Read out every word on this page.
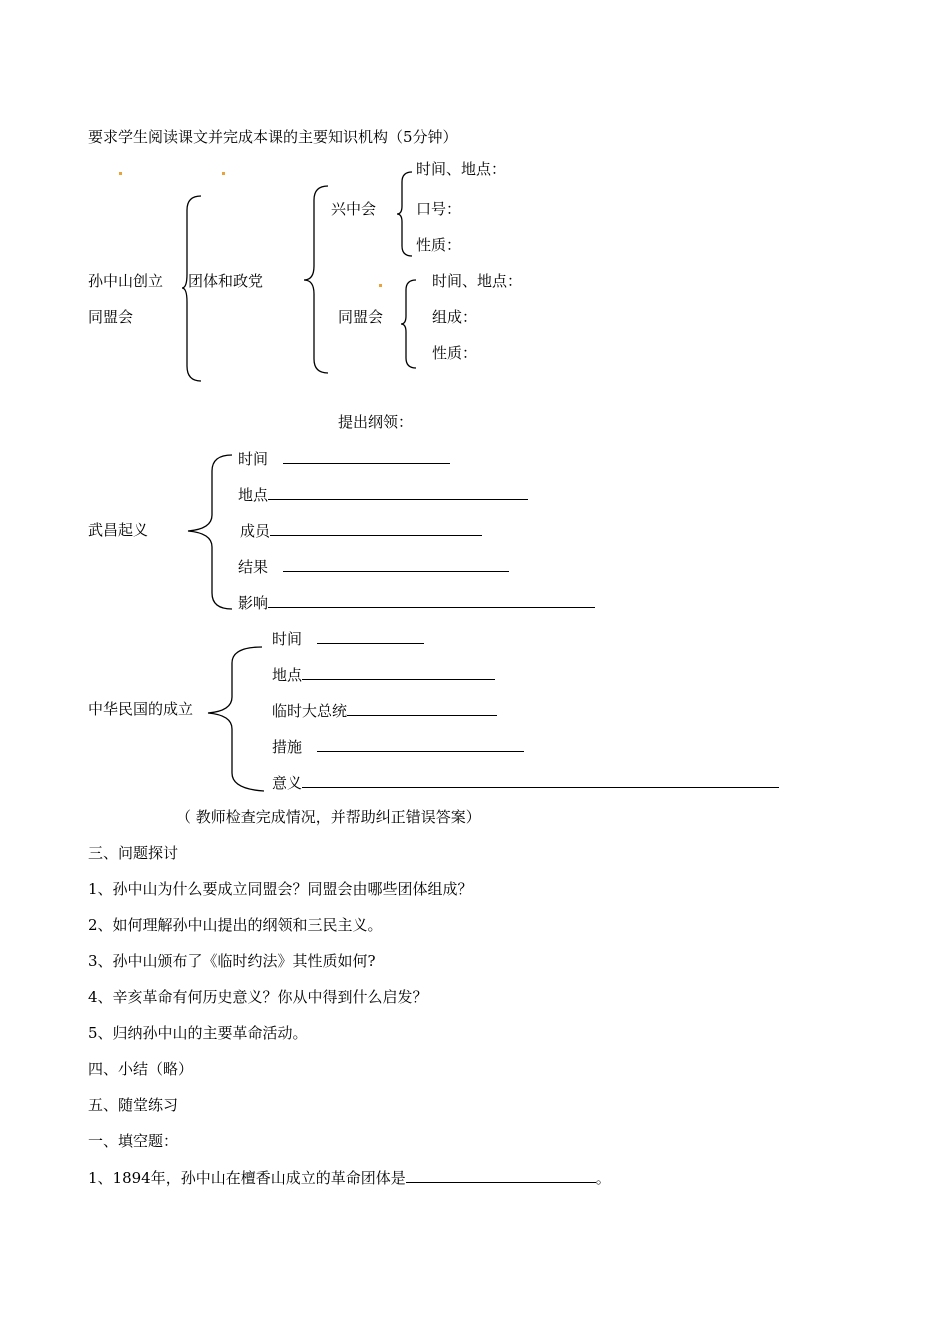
要求学生阅读课文并完成本课的主要知识机构（5分钟）
孙中山创立
同盟会
团体和政党
兴中会
时间、地点：
口号：
性质：
同盟会
时间、地点：
组成：
性质：
提出纲领：
武昌起义
时间
地点
成员
结果
影响
中华民国的成立
时间
地点
临时大总统
措施
意义
（ 教师检查完成情况，并帮助纠正错误答案）
三、问题探讨
1、孙中山为什么要成立同盟会？同盟会由哪些团体组成？
2、如何理解孙中山提出的纲领和三民主义。
3、孙中山颁布了《临时约法》其性质如何?
4、辛亥革命有何历史意义？你从中得到什么启发？
5、归纳孙中山的主要革命活动。
四、小结（略）
五、随堂练习
一、填空题：
1、1894年，孙中山在檀香山成立的革命团体是	。
